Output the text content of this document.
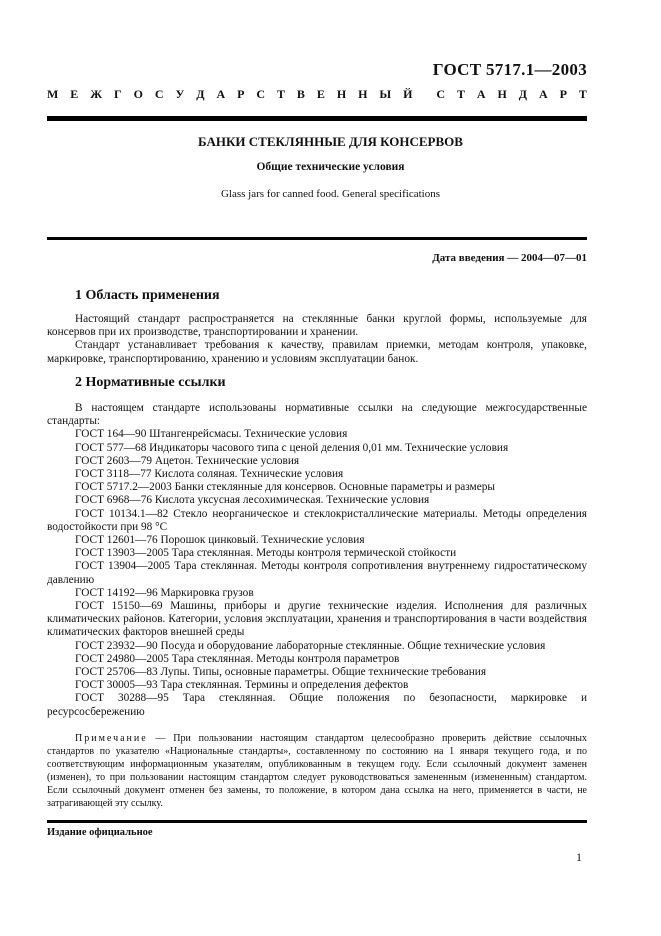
ГОСТ 5717.1—2003
М Е Ж Г О С У Д А Р С Т В Е Н Н Ы Й С Т А Н Д А Р Т
БАНКИ СТЕКЛЯННЫЕ ДЛЯ КОНСЕРВОВ
Общие технические условия
Glass jars for canned food. General specifications
Дата введения — 2004—07—01
1 Область применения

Настоящий стандарт распространяется на стеклянные банки круглой формы, используемые для консервов при их производстве, транспортировании и хранении.

Стандарт устанавливает требования к качеству, правилам приемки, методам контроля, упаковке, маркировке, транспортированию, хранению и условиям эксплуатации банок.

2 Нормативные ссылки

В настоящем стандарте использованы нормативные ссылки на следующие межгосударственные стандарты:

ГОСТ 164—90 Штангенрейсмасы. Технические условия

ГОСТ 577—68 Индикаторы часового типа с ценой деления 0,01 мм. Технические условия

ГОСТ 2603—79 Ацетон. Технические условия

ГОСТ 3118—77 Кислота соляная. Технические условия

ГОСТ 5717.2—2003 Банки стеклянные для консервов. Основные параметры и размеры

ГОСТ 6968—76 Кислота уксусная лесохимическая. Технические условия

ГОСТ 10134.1—82 Стекло неорганическое и стеклокристаллические материалы. Методы определения водостойкости при 98 °С

ГОСТ 12601—76 Порошок цинковый. Технические условия

ГОСТ 13903—2005 Тара стеклянная. Методы контроля термической стойкости

ГОСТ 13904—2005 Тара стеклянная. Методы контроля сопротивления внутреннему гидростатическому давлению

ГОСТ 14192—96 Маркировка грузов

ГОСТ 15150—69 Машины, приборы и другие технические изделия. Исполнения для различных климатических районов. Категории, условия эксплуатации, хранения и транспортирования в части воздействия климатических факторов внешней среды

ГОСТ 23932—90 Посуда и оборудование лабораторные стеклянные. Общие технические условия

ГОСТ 24980—2005 Тара стеклянная. Методы контроля параметров

ГОСТ 25706—83 Лупы. Типы, основные параметры. Общие технические требования

ГОСТ 30005—93 Тара стеклянная. Термины и определения дефектов

ГОСТ 30288—95 Тара стеклянная. Общие положения по безопасности, маркировке и ресурсосбережению

Примечание — При пользовании настоящим стандартом целесообразно проверить действие ссылочных стандартов по указателю «Национальные стандарты», составленному по состоянию на 1 января текущего года, и по соответствующим информационным указателям, опубликованным в текущем году. Если ссылочный документ заменен (изменен), то при пользовании настоящим стандартом следует руководствоваться замененным (измененным) стандартом. Если ссылочный документ отменен без замены, то положение, в котором дана ссылка на него, применяется в части, не затрагивающей эту ссылку.

Издание официальное
1
